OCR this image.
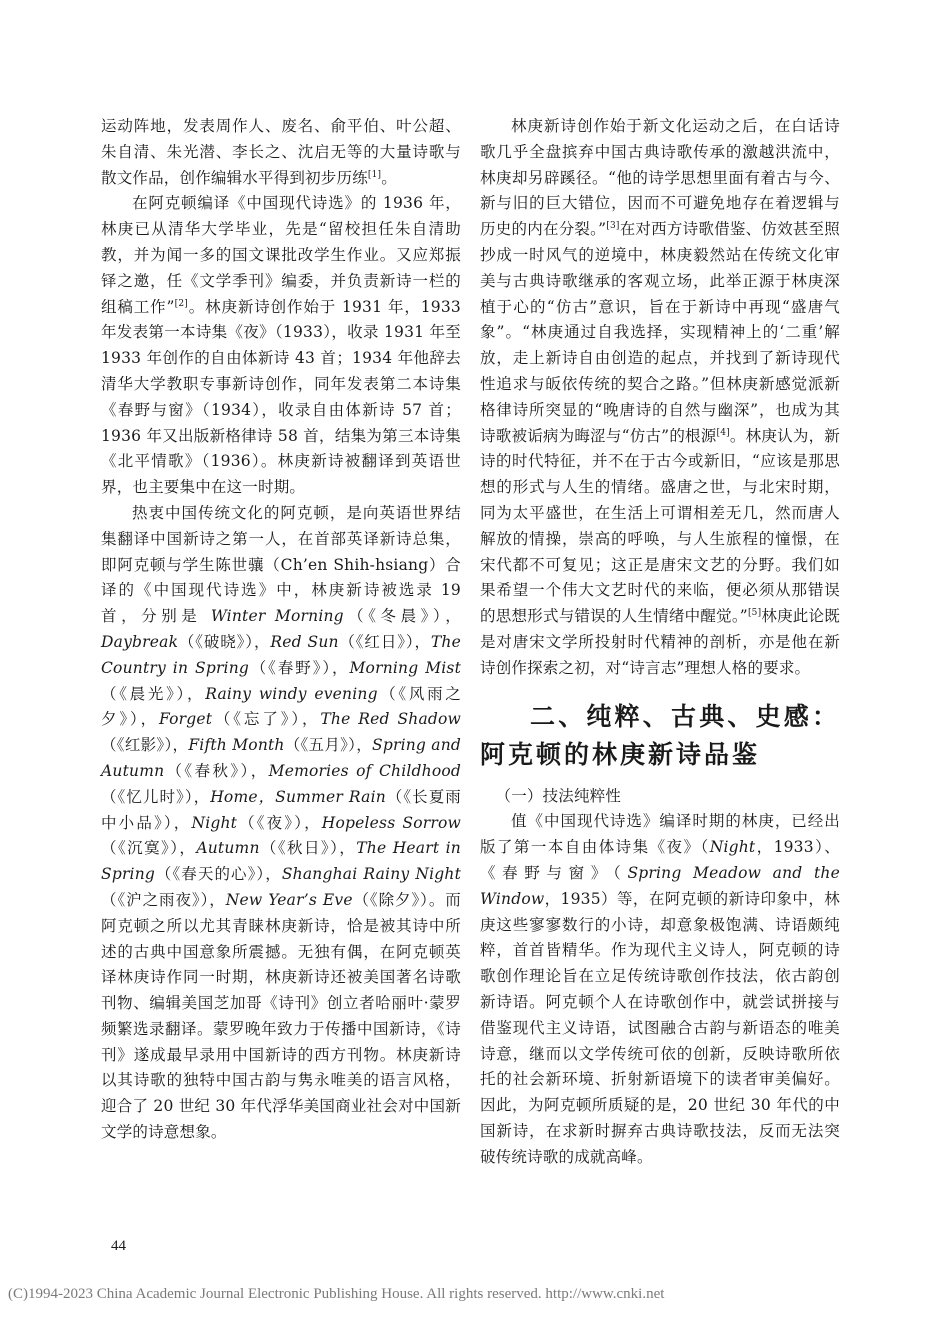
运动阵地，发表周作人、废名、俞平伯、叶公超、朱自清、朱光潜、李长之、沈启无等的大量诗歌与散文作品，创作编辑水平得到初步历练[1]。

在阿克顿编译《中国现代诗选》的 1936 年，林庚已从清华大学毕业，先是“留校担任朱自清助教，并为闻一多的国文课批改学生作业。又应郑振铎之邀，任《文学季刊》编委，并负责新诗一栏的组稿工作”[2]。林庚新诗创作始于 1931 年，1933 年发表第一本诗集《夜》（1933），收录 1931 年至 1933 年创作的自由体新诗 43 首；1934 年他辞去清华大学教职专事新诗创作，同年发表第二本诗集《春野与窗》（1934），收录自由体新诗 57 首；1936 年又出版新格律诗 58 首，结集为第三本诗集《北平情歌》（1936）。林庚新诗被翻译到英语世界，也主要集中在这一时期。

热衷中国传统文化的阿克顿，是向英语世界结集翻译中国新诗之第一人，在首部英译新诗总集，即阿克顿与学生陈世骧（Ch’en Shih-hsiang）合译的《中国现代诗选》中，林庚新诗被选录 19 首，分别是 Winter Morning（《冬晨》），Daybreak（《破晓》），Red Sun（《红日》），The Country in Spring（《春野》），Morning Mist（《晨光》），Rainy windy evening（《风雨之夕》），Forget（《忘了》），The Red Shadow（《红影》），Fifth Month（《五月》），Spring and Autumn（《春秋》），Memories of Childhood（《忆儿时》），Home，Summer Rain（《长夏雨中小品》），Night（《夜》），Hopeless Sorrow（《沉寞》），Autumn（《秋日》），The Heart in Spring（《春天的心》），Shanghai Rainy Night（《沪之雨夜》），New Year’s Eve（《除夕》）。而阿克顿之所以尤其青睐林庚新诗，恰是被其诗中所述的古典中国意象所震撼。无独有偶，在阿克顿英译林庚诗作同一时期，林庚新诗还被美国著名诗歌刊物、编辑美国芝加哥《诗刊》创立者哈丽叶·蒙罗频繁选录翻译。蒙罗晚年致力于传播中国新诗，《诗刊》遂成最早录用中国新诗的西方刊物。林庚新诗以其诗歌的独特中国古韵与隽永唯美的语言风格，迎合了 20 世纪 30 年代浮华美国商业社会对中国新文学的诗意想象。

林庚新诗创作始于新文化运动之后，在白话诗歌几乎全盘摈弃中国古典诗歌传承的激越洪流中，林庚却另辟蹊径。“他的诗学思想里面有着古与今、新与旧的巨大错位，因而不可避免地存在着逻辑与历史的内在分裂。”[3]在对西方诗歌借鉴、仿效甚至照抄成一时风气的逆境中，林庚毅然站在传统文化审美与古典诗歌继承的客观立场，此举正源于林庚深植于心的“仿古”意识，旨在于新诗中再现“盛唐气象”。“林庚通过自我选择，实现精神上的‘二重’解放，走上新诗自由创造的起点，并找到了新诗现代性追求与皈依传统的契合之路。”但林庚新感觉派新格律诗所突显的“晚唐诗的自然与幽深”，也成为其诗歌被诟病为晦涩与“仿古”的根源[4]。林庚认为，新诗的时代特征，并不在于古今或新旧，“应该是那思想的形式与人生的情绪。盛唐之世，与北宋时期，同为太平盛世，在生活上可谓相差无几，然而唐人解放的情操，崇高的呼唤，与人生旅程的憧憬，在宋代都不可复见；这正是唐宋文艺的分野。我们如果希望一个伟大文艺时代的来临，便必须从那错误的思想形式与错误的人生情绪中醒觉。”[5]林庚此论既是对唐宋文学所投射时代精神的剖析，亦是他在新诗创作探索之初，对“诗言志”理想人格的要求。

二、纯粹、古典、史感：阿克顿的林庚新诗品鉴

（一）技法纯粹性

值《中国现代诗选》编译时期的林庚，已经出版了第一本自由体诗集《夜》（Night，1933）、《春野与窗》（Spring Meadow and the Window，1935）等，在阿克顿的新诗印象中，林庚这些寥寥数行的小诗，却意象极饱满、诗语颇纯粹，首首皆精华。作为现代主义诗人，阿克顿的诗歌创作理论旨在立足传统诗歌创作技法，依古韵创新诗语。阿克顿个人在诗歌创作中，就尝试拼接与借鉴现代主义诗语，试图融合古韵与新语态的唯美诗意，继而以文学传统可依的创新，反映诗歌所依托的社会新环境、折射新语境下的读者审美偏好。因此，为阿克顿所质疑的是，20 世纪 30 年代的中国新诗，在求新时摒弃古典诗歌技法，反而无法突破传统诗歌的成就高峰。

44
(C)1994-2023 China Academic Journal Electronic Publishing House. All rights reserved. http://www.cnki.net
